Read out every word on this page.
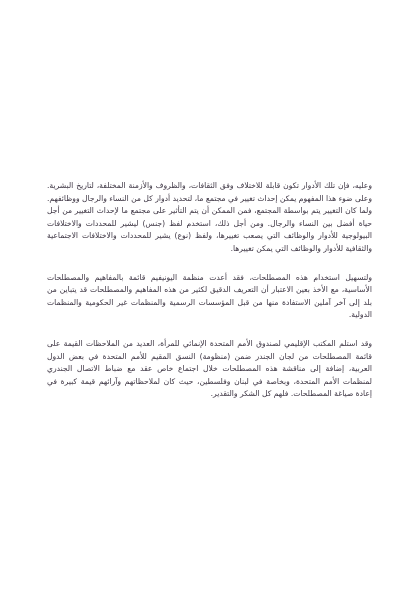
وعليه، فإن تلك الأدوار تكون قابلة للاختلاف وفق الثقافات، والظروف والأزمنة المختلفة، لتاريخ البشرية. وعلى ضوء هذا المفهوم يمكن إحداث تغيير في مجتمع ما، لتحديد أدوار كل من النساء والرجال ووظائفهم. ولما كان التغيير يتم بواسطة المجتمع، فمن الممكن أن يتم التأثير على مجتمع ما لإحداث التغيير من أجل حياة أفضل بين النساء والرجال. ومن أجل ذلك، استخدم لفظ (جنس) ليشير للمحددات والاختلافات البيولوجية للأدوار والوظائف التي يصعب تغييرها، ولفظ (نوع) يشير للمحددات والاختلافات الاجتماعية والثقافية للأدوار والوظائف التي يمكن تغييرها.

ولتسهيل استخدام هذه المصطلحات، فقد أعدت منظمة اليونيفيم قائمة بالمفاهيم والمصطلحات الأساسية، مع الأخذ بعين الاعتبار أن التعريف الدقيق لكثير من هذه المفاهيم والمصطلحات قد يتباين من بلد إلى آخر آملين الاستفادة منها من قبل المؤسسات الرسمية والمنظمات غير الحكومية والمنظمات الدولية.

وقد استلم المكتب الإقليمي لصندوق الأمم المتحدة الإنمائي للمرأة، العديد من الملاحظات القيمة على قائمة المصطلحات من لجان الجندر ضمن (منظومة) النسق المقيم للأمم المتحدة في بعض الدول العربية، إضافة إلى مناقشة هذه المصطلحات خلال اجتماع خاص عقد مع ضباط الاتصال الجندري لمنظمات الأمم المتحدة، وبخاصة في لبنان وفلسطين، حيث كان لملاحظاتهم وآرائهم قيمة كبيرة في إعادة صياغة المصطلحات. فلهم كل الشكر والتقدير.
